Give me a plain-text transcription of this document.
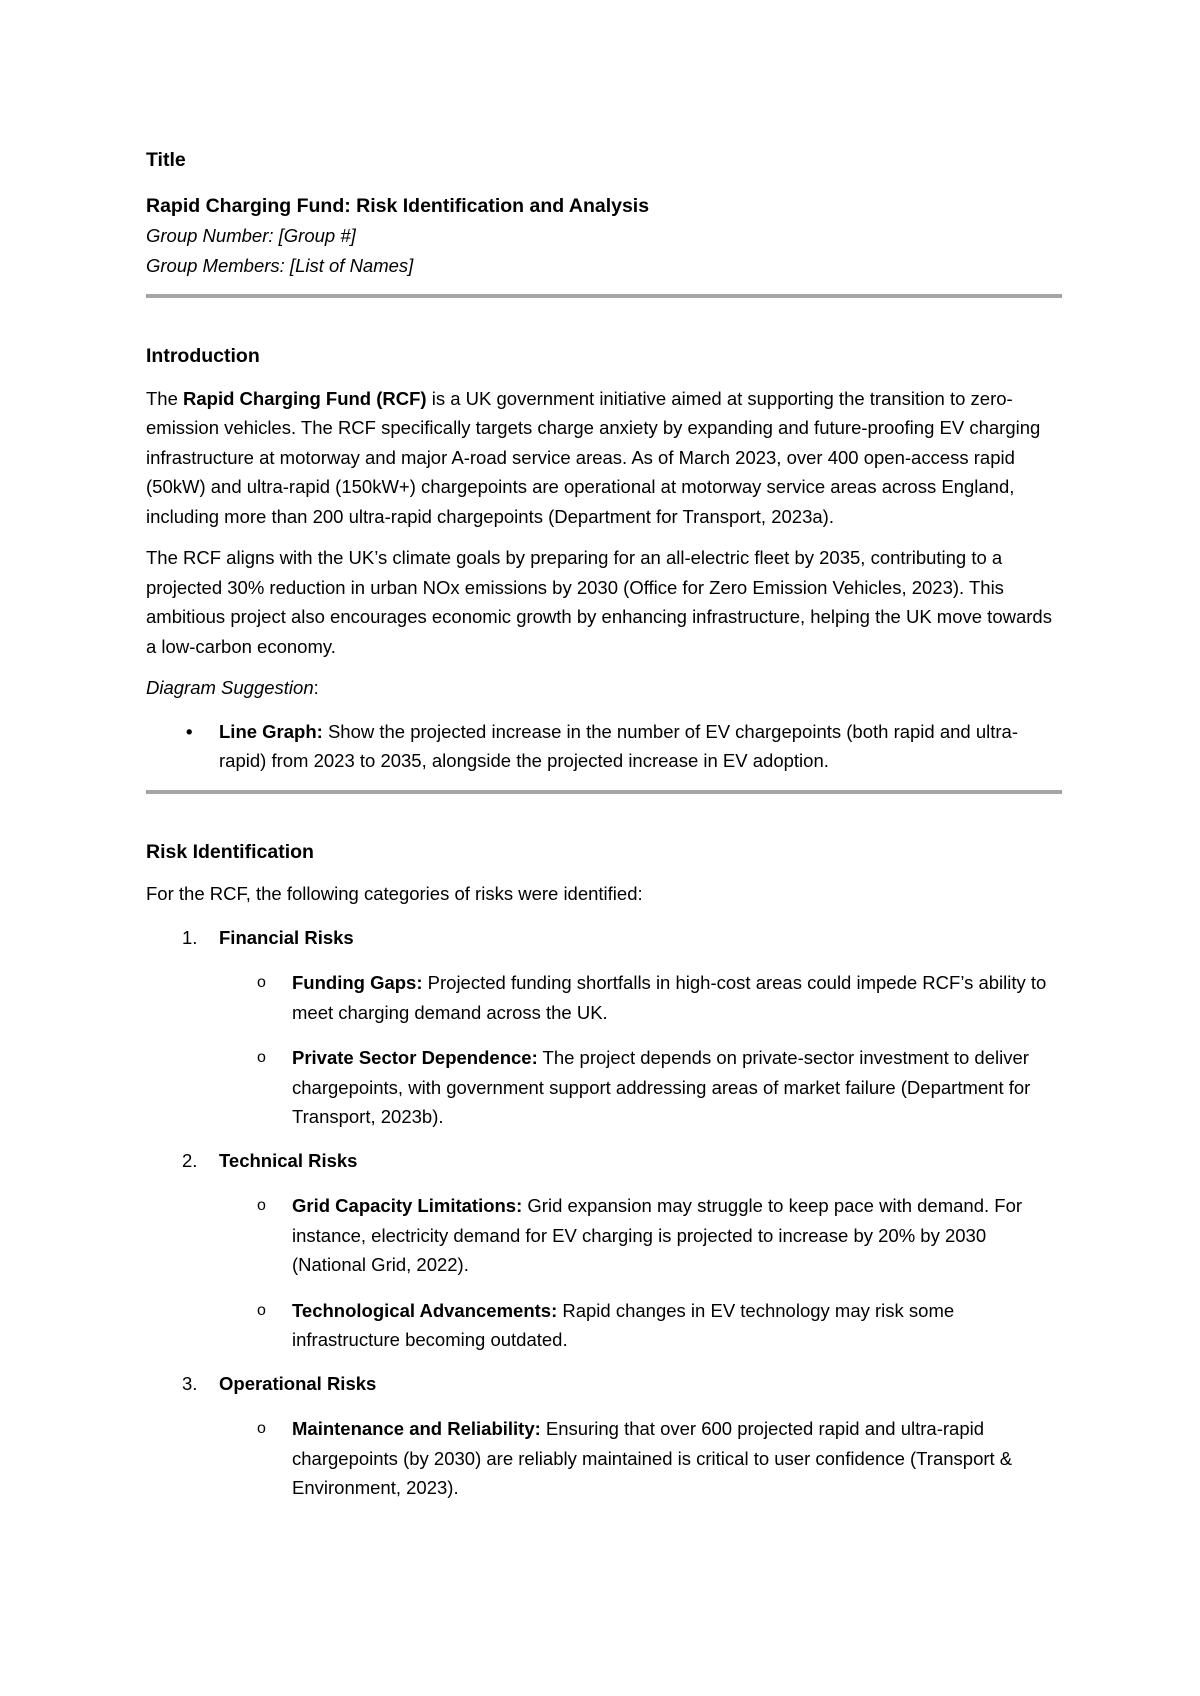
Title
Rapid Charging Fund: Risk Identification and Analysis
Group Number: [Group #]
Group Members: [List of Names]
Introduction

The Rapid Charging Fund (RCF) is a UK government initiative aimed at supporting the transition to zero-emission vehicles. The RCF specifically targets charge anxiety by expanding and future-proofing EV charging infrastructure at motorway and major A-road service areas. As of March 2023, over 400 open-access rapid (50kW) and ultra-rapid (150kW+) chargepoints are operational at motorway service areas across England, including more than 200 ultra-rapid chargepoints (Department for Transport, 2023a).

The RCF aligns with the UK’s climate goals by preparing for an all-electric fleet by 2035, contributing to a projected 30% reduction in urban NOx emissions by 2030 (Office for Zero Emission Vehicles, 2023). This ambitious project also encourages economic growth by enhancing infrastructure, helping the UK move towards a low-carbon economy.

Diagram Suggestion:

• Line Graph: Show the projected increase in the number of EV chargepoints (both rapid and ultra-rapid) from 2023 to 2035, alongside the projected increase in EV adoption.
Risk Identification

For the RCF, the following categories of risks were identified:

1. Financial Risks
o Funding Gaps: Projected funding shortfalls in high-cost areas could impede RCF’s ability to meet charging demand across the UK.
o Private Sector Dependence: The project depends on private-sector investment to deliver chargepoints, with government support addressing areas of market failure (Department for Transport, 2023b).
2. Technical Risks
o Grid Capacity Limitations: Grid expansion may struggle to keep pace with demand. For instance, electricity demand for EV charging is projected to increase by 20% by 2030 (National Grid, 2022).
o Technological Advancements: Rapid changes in EV technology may risk some infrastructure becoming outdated.
3. Operational Risks
o Maintenance and Reliability: Ensuring that over 600 projected rapid and ultra-rapid chargepoints (by 2030) are reliably maintained is critical to user confidence (Transport & Environment, 2023).
